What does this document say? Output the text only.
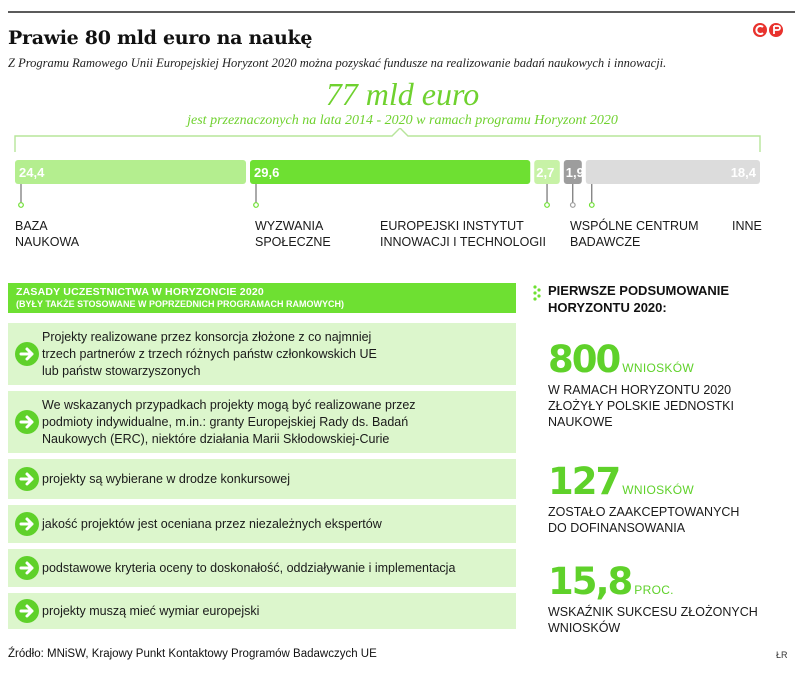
Prawie 80 mld euro na naukę
Z Programu Ramowego Unii Europejskiej Horyzont 2020 można pozyskać fundusze na realizowanie badań naukowych i innowacji.
77 mld euro
jest przeznaczonych na lata 2014 - 2020 w ramach programu Horyzont 2020
24,4
BAZA
NAUKOWA
29,6
WYZWANIA
SPOŁECZNE
2,7
EUROPEJSKI INSTYTUT
INNOWACJI I TECHNOLOGII
1,9
WSPÓLNE CENTRUM
BADAWCZE
18,4
INNE
ZASADY UCZESTNICTWA W HORYZONCIE 2020
(BYŁY TAKŻE STOSOWANE W POPRZEDNICH PROGRAMACH RAMOWYCH)
Projekty realizowane przez konsorcja złożone z co najmniej
trzech partnerów z trzech różnych państw członkowskich UE
lub państw stowarzyszonych
We wskazanych przypadkach projekty mogą być realizowane przez
podmioty indywidualne, m.in.: granty Europejskiej Rady ds. Badań
Naukowych (ERC), niektóre działania Marii Skłodowskiej-Curie
projekty są wybierane w drodze konkursowej
jakość projektów jest oceniana przez niezależnych ekspertów
podstawowe kryteria oceny to doskonałość, oddziaływanie i implementacja
projekty muszą mieć wymiar europejski
PIERWSZE PODSUMOWANIE
HORYZONTU 2020:
800 WNIOSKÓW
W RAMACH HORYZONTU 2020
ZŁOŻYŁY POLSKIE JEDNOSTKI
NAUKOWE
127 WNIOSKÓW
ZOSTAŁO ZAAKCEPTOWANYCH
DO DOFINANSOWANIA
15,8 PROC.
WSKAŹNIK SUKCESU ZŁOŻONYCH
WNIOSKÓW
Źródło: MNiSW, Krajowy Punkt Kontaktowy Programów Badawczych UE	ŁR
